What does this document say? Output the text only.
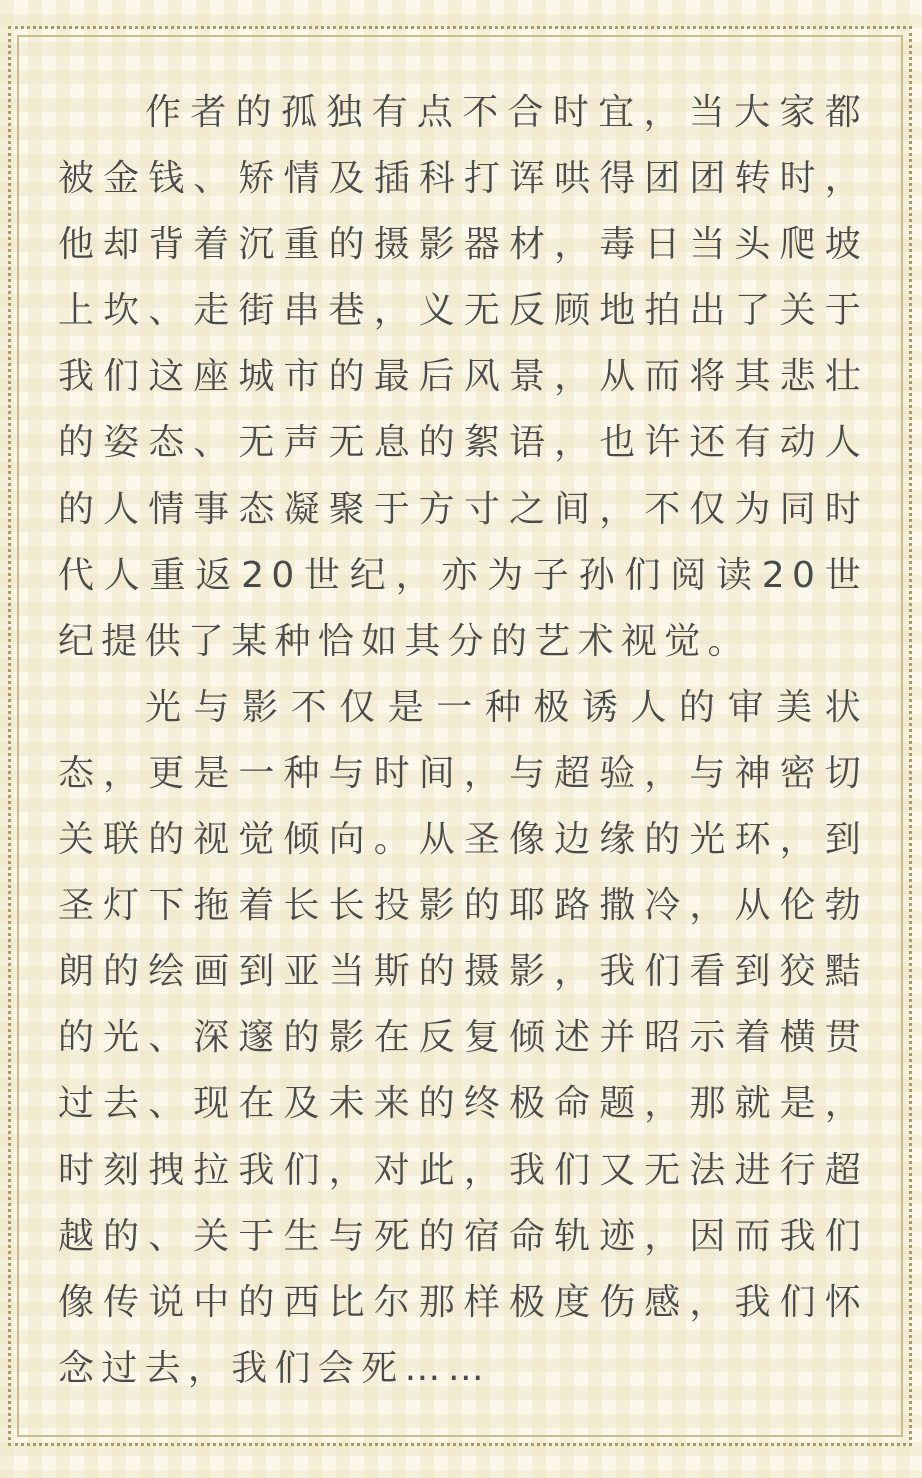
作者的孤独有点不合时宜，当大家都被金钱、矫情及插科打诨哄得团团转时，他却背着沉重的摄影器材，毒日当头爬坡上坎、走街串巷，义无反顾地拍出了关于我们这座城市的最后风景，从而将其悲壮的姿态、无声无息的絮语，也许还有动人的人情事态凝聚于方寸之间，不仅为同时代人重返20世纪，亦为子孙们阅读20世纪提供了某种恰如其分的艺术视觉。

光与影不仅是一种极诱人的审美状态，更是一种与时间，与超验，与神密切关联的视觉倾向。从圣像边缘的光环，到圣灯下拖着长长投影的耶路撒冷，从伦勃朗的绘画到亚当斯的摄影，我们看到狡黠的光、深邃的影在反复倾述并昭示着横贯过去、现在及未来的终极命题，那就是，时刻拽拉我们，对此，我们又无法进行超越的、关于生与死的宿命轨迹，因而我们像传说中的西比尔那样极度伤感，我们怀念过去，我们会死……
